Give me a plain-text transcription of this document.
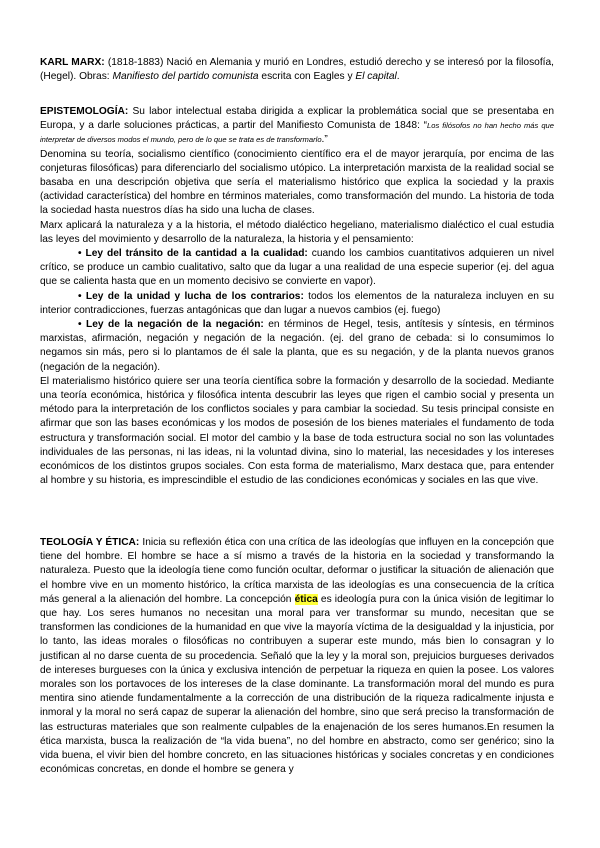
KARL MARX: (1818-1883) Nació en Alemania y murió en Londres, estudió derecho y se interesó por la filosofía, (Hegel). Obras: Manifiesto del partido comunista escrita con Eagles y El capital.

EPISTEMOLOGÍA: Su labor intelectual estaba dirigida a explicar la problemática social que se presentaba en Europa, y a darle soluciones prácticas, a partir del Manifiesto Comunista de 1848: “Los filósofos no han hecho más que interpretar de diversos modos el mundo, pero de lo que se trata es de transformarlo.”

Denomina su teoría, socialismo científico (conocimiento científico era el de mayor jerarquía, por encima de las conjeturas filosóficas) para diferenciarlo del socialismo utópico. La interpretación marxista de la realidad social se basaba en una descripción objetiva que sería el materialismo histórico que explica la sociedad y la praxis (actividad característica) del hombre en términos materiales, como transformación del mundo. La historia de toda la sociedad hasta nuestros días ha sido una lucha de clases.

Marx aplicará la naturaleza y a la historia, el método dialéctico hegeliano, materialismo dialéctico el cual estudia las leyes del movimiento y desarrollo de la naturaleza, la historia y el pensamiento:

• Ley del tránsito de la cantidad a la cualidad: cuando los cambios cuantitativos adquieren un nivel crítico, se produce un cambio cualitativo, salto que da lugar a una realidad de una especie superior (ej. del agua que se calienta hasta que en un momento decisivo se convierte en vapor).

• Ley de la unidad y lucha de los contrarios: todos los elementos de la naturaleza incluyen en su interior contradicciones, fuerzas antagónicas que dan lugar a nuevos cambios (ej. fuego)

• Ley de la negación de la negación: en términos de Hegel, tesis, antítesis y síntesis, en términos marxistas, afirmación, negación y negación de la negación. (ej. del grano de cebada: si lo consumimos lo negamos sin más, pero si lo plantamos de él sale la planta, que es su negación, y de la planta nuevos granos (negación de la negación).

El materialismo histórico quiere ser una teoría científica sobre la formación y desarrollo de la sociedad. Mediante una teoría económica, histórica y filosófica intenta descubrir las leyes que rigen el cambio social y presenta un método para la interpretación de los conflictos sociales y para cambiar la sociedad. Su tesis principal consiste en afirmar que son las bases económicas y los modos de posesión de los bienes materiales el fundamento de toda estructura y transformación social. El motor del cambio y la base de toda estructura social no son las voluntades individuales de las personas, ni las ideas, ni la voluntad divina, sino lo material, las necesidades y los intereses económicos de los distintos grupos sociales. Con esta forma de materialismo, Marx destaca que, para entender al hombre y su historia, es imprescindible el estudio de las condiciones económicas y sociales en las que vive.

TEOLOGÍA Y ÉTICA: Inicia su reflexión ética con una crítica de las ideologías que influyen en la concepción que tiene del hombre. El hombre se hace a sí mismo a través de la historia en la sociedad y transformando la naturaleza. Puesto que la ideología tiene como función ocultar, deformar o justificar la situación de alienación que el hombre vive en un momento histórico, la crítica marxista de las ideologías es una consecuencia de la crítica más general a la alienación del hombre. La concepción ética es ideología pura con la única visión de legitimar lo que hay. Los seres humanos no necesitan una moral para ver transformar su mundo, necesitan que se transformen las condiciones de la humanidad en que vive la mayoría víctima de la desigualdad y la injusticia, por lo tanto, las ideas morales o filosóficas no contribuyen a superar este mundo, más bien lo consagran y lo justifican al no darse cuenta de su procedencia. Señaló que la ley y la moral son, prejuicios burgueses derivados de intereses burgueses con la única y exclusiva intención de perpetuar la riqueza en quien la posee. Los valores morales son los portavoces de los intereses de la clase dominante. La transformación moral del mundo es pura mentira sino atiende fundamentalmente a la corrección de una distribución de la riqueza radicalmente injusta e inmoral y la moral no será capaz de superar la alienación del hombre, sino que será preciso la transformación de las estructuras materiales que son realmente culpables de la enajenación de los seres humanos.En resumen la ética marxista, busca la realización de “la vida buena”, no del hombre en abstracto, como ser genérico; sino la vida buena, el vivir bien del hombre concreto, en las situaciones históricas y sociales concretas y en condiciones económicas concretas, en donde el hombre se genera y
